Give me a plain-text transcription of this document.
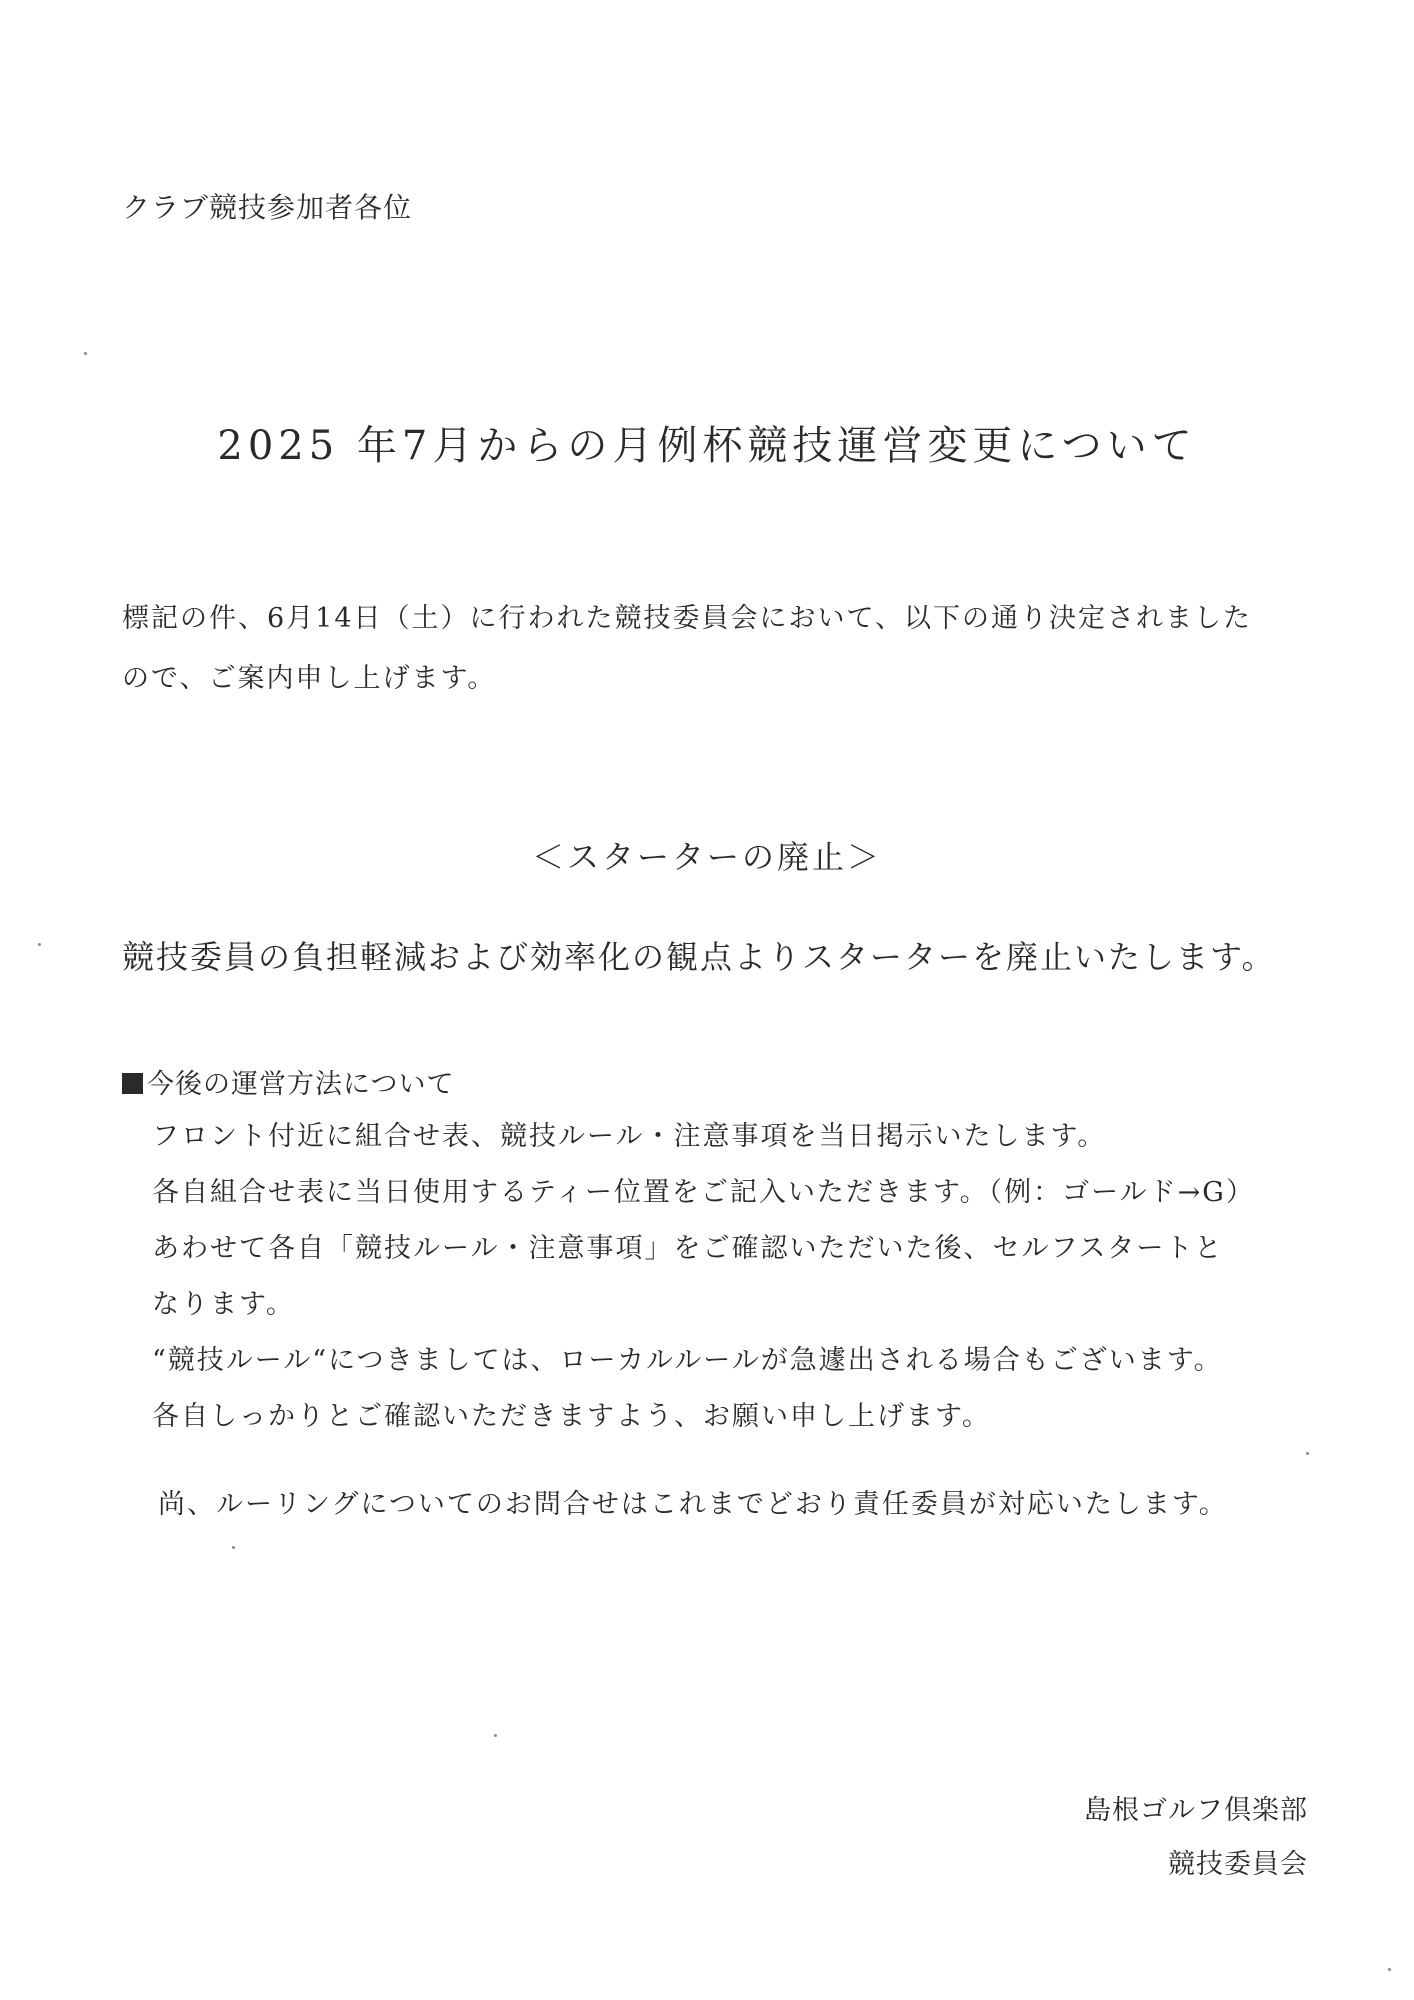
クラブ競技参加者各位
2025 年7月からの月例杯競技運営変更について
標記の件、6月14日（土）に行われた競技委員会において、以下の通り決定されました
ので、ご案内申し上げます。
＜スターターの廃止＞
競技委員の負担軽減および効率化の観点よりスターターを廃止いたします。
今後の運営方法について
フロント付近に組合せ表、競技ルール・注意事項を当日掲示いたします。
各自組合せ表に当日使用するティー位置をご記入いただきます。（例：ゴールド→G）
あわせて各自「競技ルール・注意事項」をご確認いただいた後、セルフスタートと
なります。
“競技ルール“につきましては、ローカルルールが急遽出される場合もございます。
各自しっかりとご確認いただきますよう、お願い申し上げます。
尚、ルーリングについてのお問合せはこれまでどおり責任委員が対応いたします。
島根ゴルフ倶楽部
競技委員会
